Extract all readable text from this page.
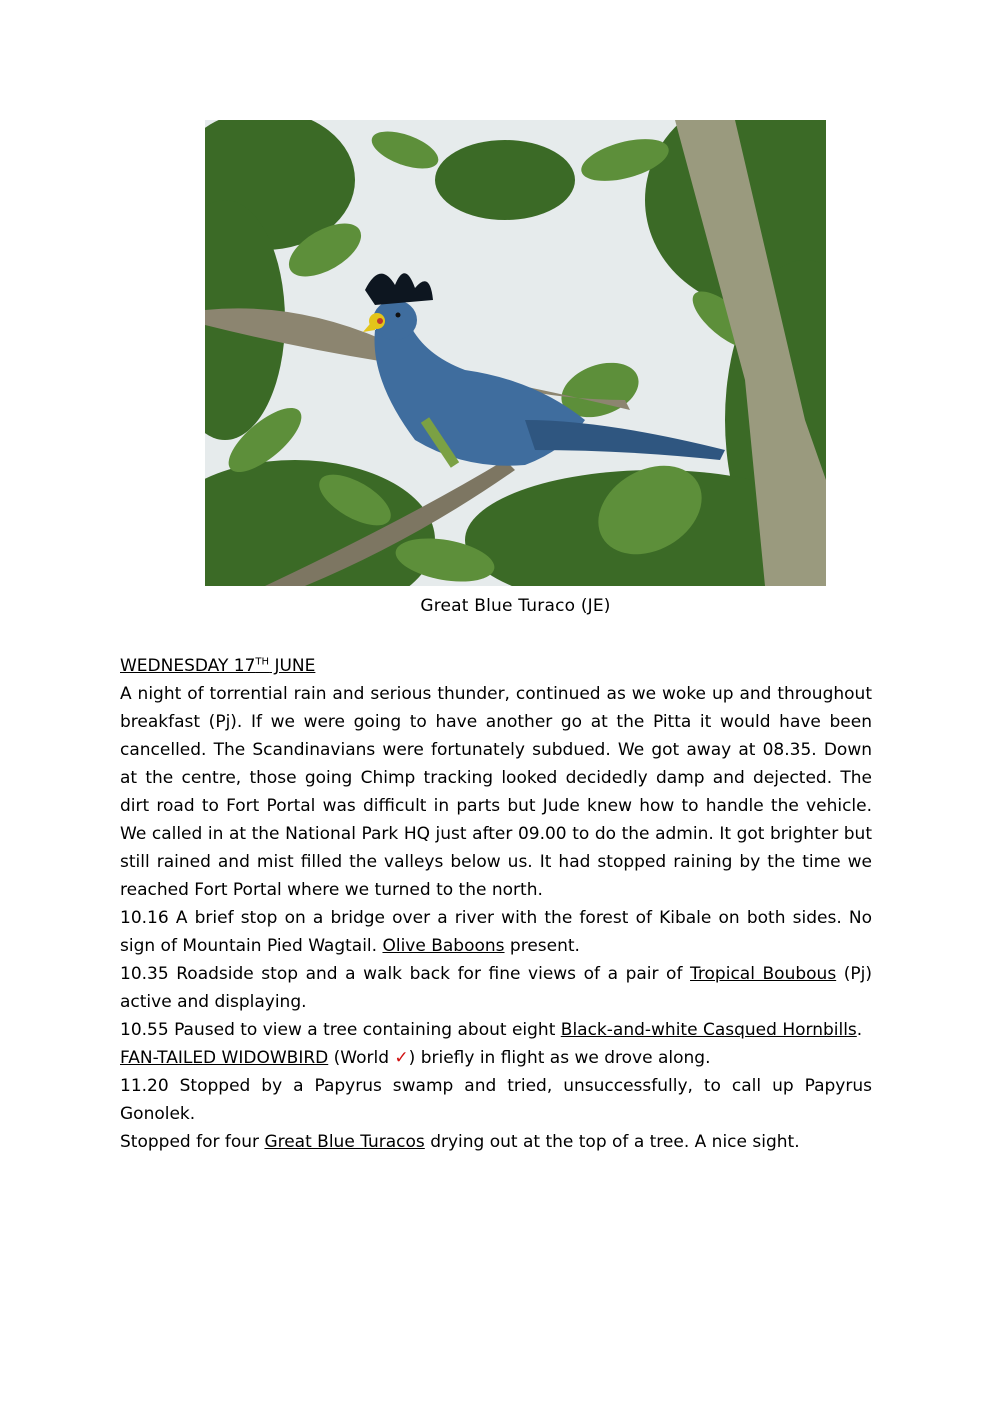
Great Blue Turaco (JE)

WEDNESDAY 17TH JUNE

A night of torrential rain and serious thunder, continued as we woke up and throughout breakfast (Pj). If we were going to have another go at the Pitta it would have been cancelled. The Scandinavians were fortunately subdued. We got away at 08.35. Down at the centre, those going Chimp tracking looked decidedly damp and dejected. The dirt road to Fort Portal was difficult in parts but Jude knew how to handle the vehicle. We called in at the National Park HQ just after 09.00 to do the admin. It got brighter but still rained and mist filled the valleys below us. It had stopped raining by the time we reached Fort Portal where we turned to the north.

10.16 A brief stop on a bridge over a river with the forest of Kibale on both sides. No sign of Mountain Pied Wagtail. Olive Baboons present.

10.35 Roadside stop and a walk back for fine views of a pair of Tropical Boubous (Pj) active and displaying.

10.55 Paused to view a tree containing about eight Black-and-white Casqued Hornbills.

FAN-TAILED WIDOWBIRD (World ✓) briefly in flight as we drove along.

11.20 Stopped by a Papyrus swamp and tried, unsuccessfully, to call up Papyrus Gonolek.

Stopped for four Great Blue Turacos drying out at the top of a tree. A nice sight.
